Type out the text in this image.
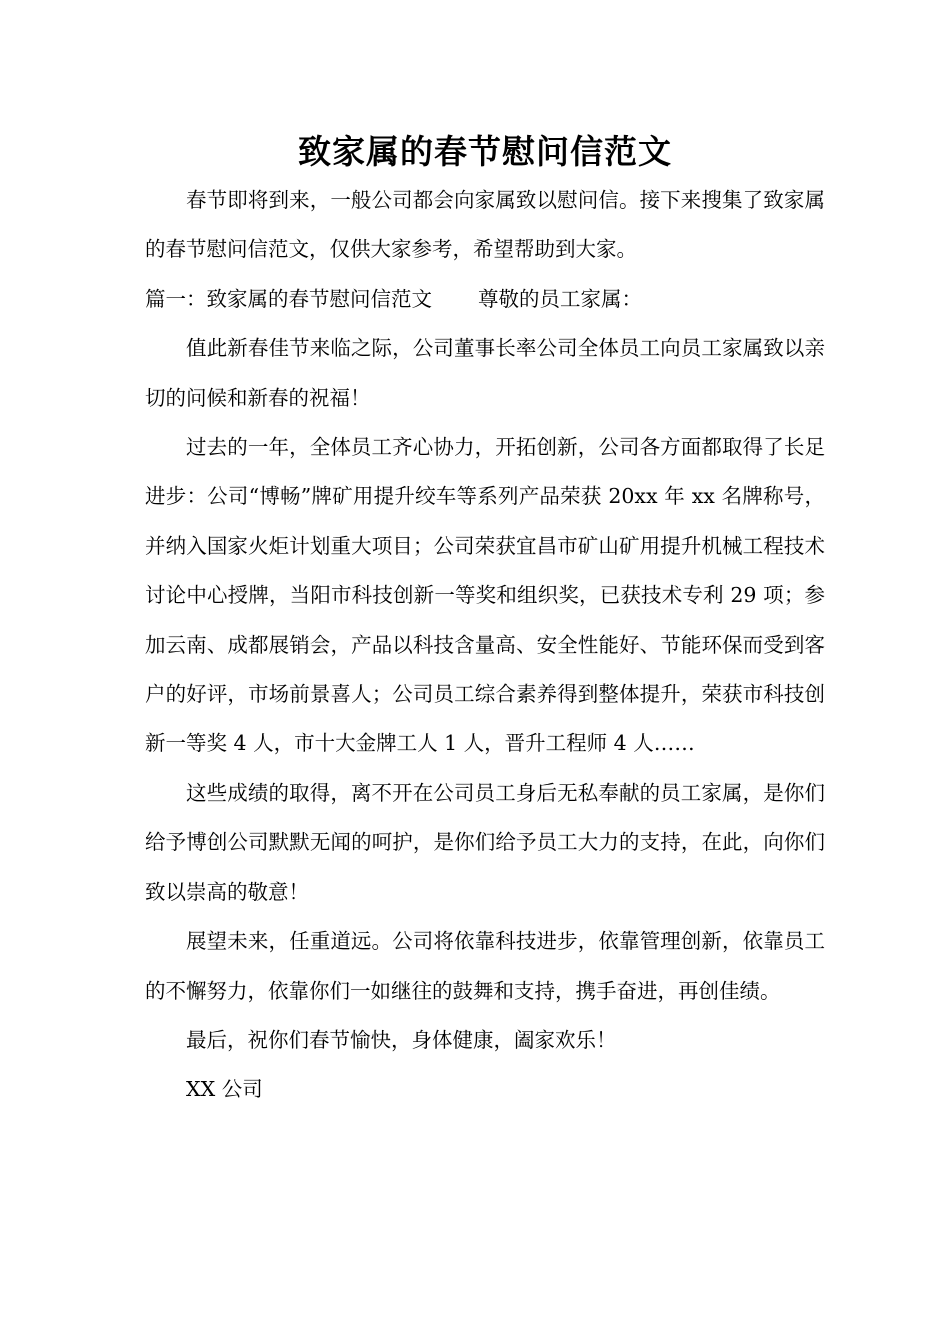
致家属的春节慰问信范文

春节即将到来，一般公司都会向家属致以慰问信。接下来搜集了致家属的春节慰问信范文，仅供大家参考，希望帮助到大家。

篇一：致家属的春节慰问信范文 尊敬的员工家属：

值此新春佳节来临之际，公司董事长率公司全体员工向员工家属致以亲切的问候和新春的祝福！

过去的一年，全体员工齐心协力，开拓创新，公司各方面都取得了长足进步：公司“博畅”牌矿用提升绞车等系列产品荣获 20xx 年 xx 名牌称号，并纳入国家火炬计划重大项目；公司荣获宜昌市矿山矿用提升机械工程技术讨论中心授牌，当阳市科技创新一等奖和组织奖，已获技术专利 29 项；参加云南、成都展销会，产品以科技含量高、安全性能好、节能环保而受到客户的好评，市场前景喜人；公司员工综合素养得到整体提升，荣获市科技创新一等奖 4 人，市十大金牌工人 1 人，晋升工程师 4 人……

这些成绩的取得，离不开在公司员工身后无私奉献的员工家属，是你们给予博创公司默默无闻的呵护，是你们给予员工大力的支持，在此，向你们致以崇高的敬意！

展望未来，任重道远。公司将依靠科技进步，依靠管理创新，依靠员工的不懈努力，依靠你们一如继往的鼓舞和支持，携手奋进，再创佳绩。

最后，祝你们春节愉快，身体健康，阖家欢乐！

XX 公司
